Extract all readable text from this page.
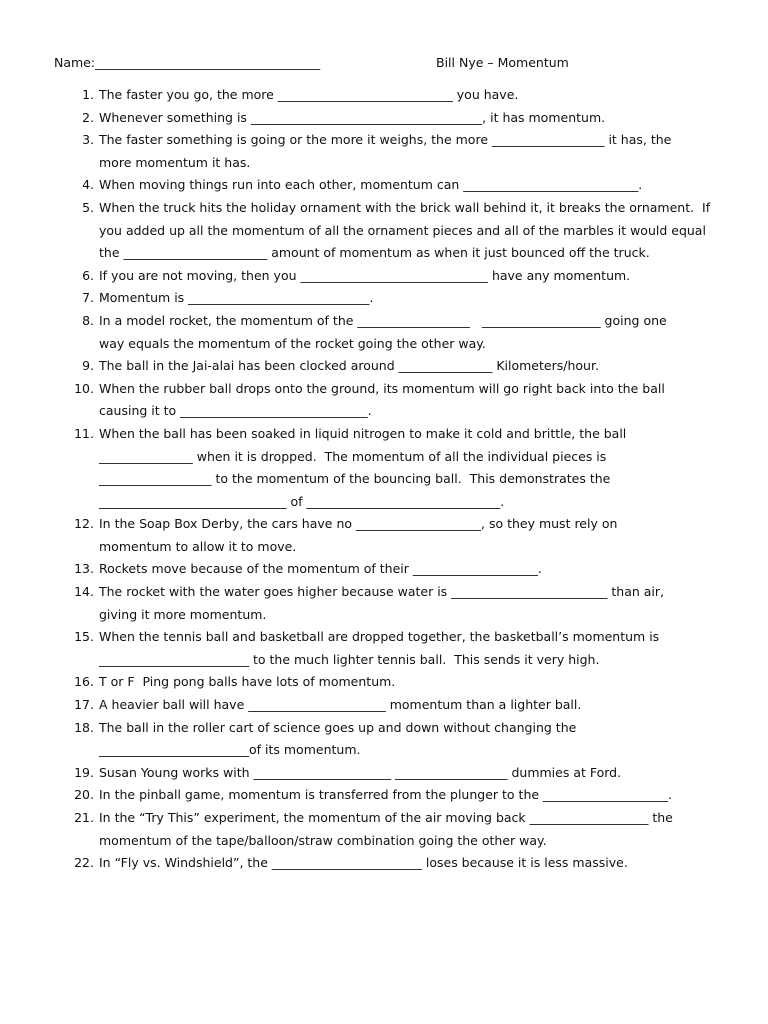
Name:____________________________________	Bill Nye – Momentum
1. The faster you go, the more ____________________________ you have.
2. Whenever something is _____________________________________, it has momentum.
3. The faster something is going or the more it weighs, the more __________________ it has, the
more momentum it has.
4. When moving things run into each other, momentum can ____________________________.
5. When the truck hits the holiday ornament with the brick wall behind it, it breaks the ornament.  If
you added up all the momentum of all the ornament pieces and all of the marbles it would equal
the _______________________ amount of momentum as when it just bounced off the truck.
6. If you are not moving, then you ______________________________ have any momentum.
7. Momentum is _____________________________.
8. In a model rocket, the momentum of the __________________   ___________________ going one
way equals the momentum of the rocket going the other way.
9. The ball in the Jai-alai has been clocked around _______________ Kilometers/hour.
10. When the rubber ball drops onto the ground, its momentum will go right back into the ball
causing it to ______________________________.
11. When the ball has been soaked in liquid nitrogen to make it cold and brittle, the ball
_______________ when it is dropped.  The momentum of all the individual pieces is
__________________ to the momentum of the bouncing ball.  This demonstrates the
______________________________ of _______________________________.
12. In the Soap Box Derby, the cars have no ____________________, so they must rely on
momentum to allow it to move.
13. Rockets move because of the momentum of their ____________________.
14. The rocket with the water goes higher because water is _________________________ than air,
giving it more momentum.
15. When the tennis ball and basketball are dropped together, the basketball’s momentum is
________________________ to the much lighter tennis ball.  This sends it very high.
16. T or F  Ping pong balls have lots of momentum.
17. A heavier ball will have ______________________ momentum than a lighter ball.
18. The ball in the roller cart of science goes up and down without changing the
________________________of its momentum.
19. Susan Young works with ______________________ __________________ dummies at Ford.
20. In the pinball game, momentum is transferred from the plunger to the ____________________.
21. In the “Try This” experiment, the momentum of the air moving back ___________________ the
momentum of the tape/balloon/straw combination going the other way.
22. In “Fly vs. Windshield”, the ________________________ loses because it is less massive.
